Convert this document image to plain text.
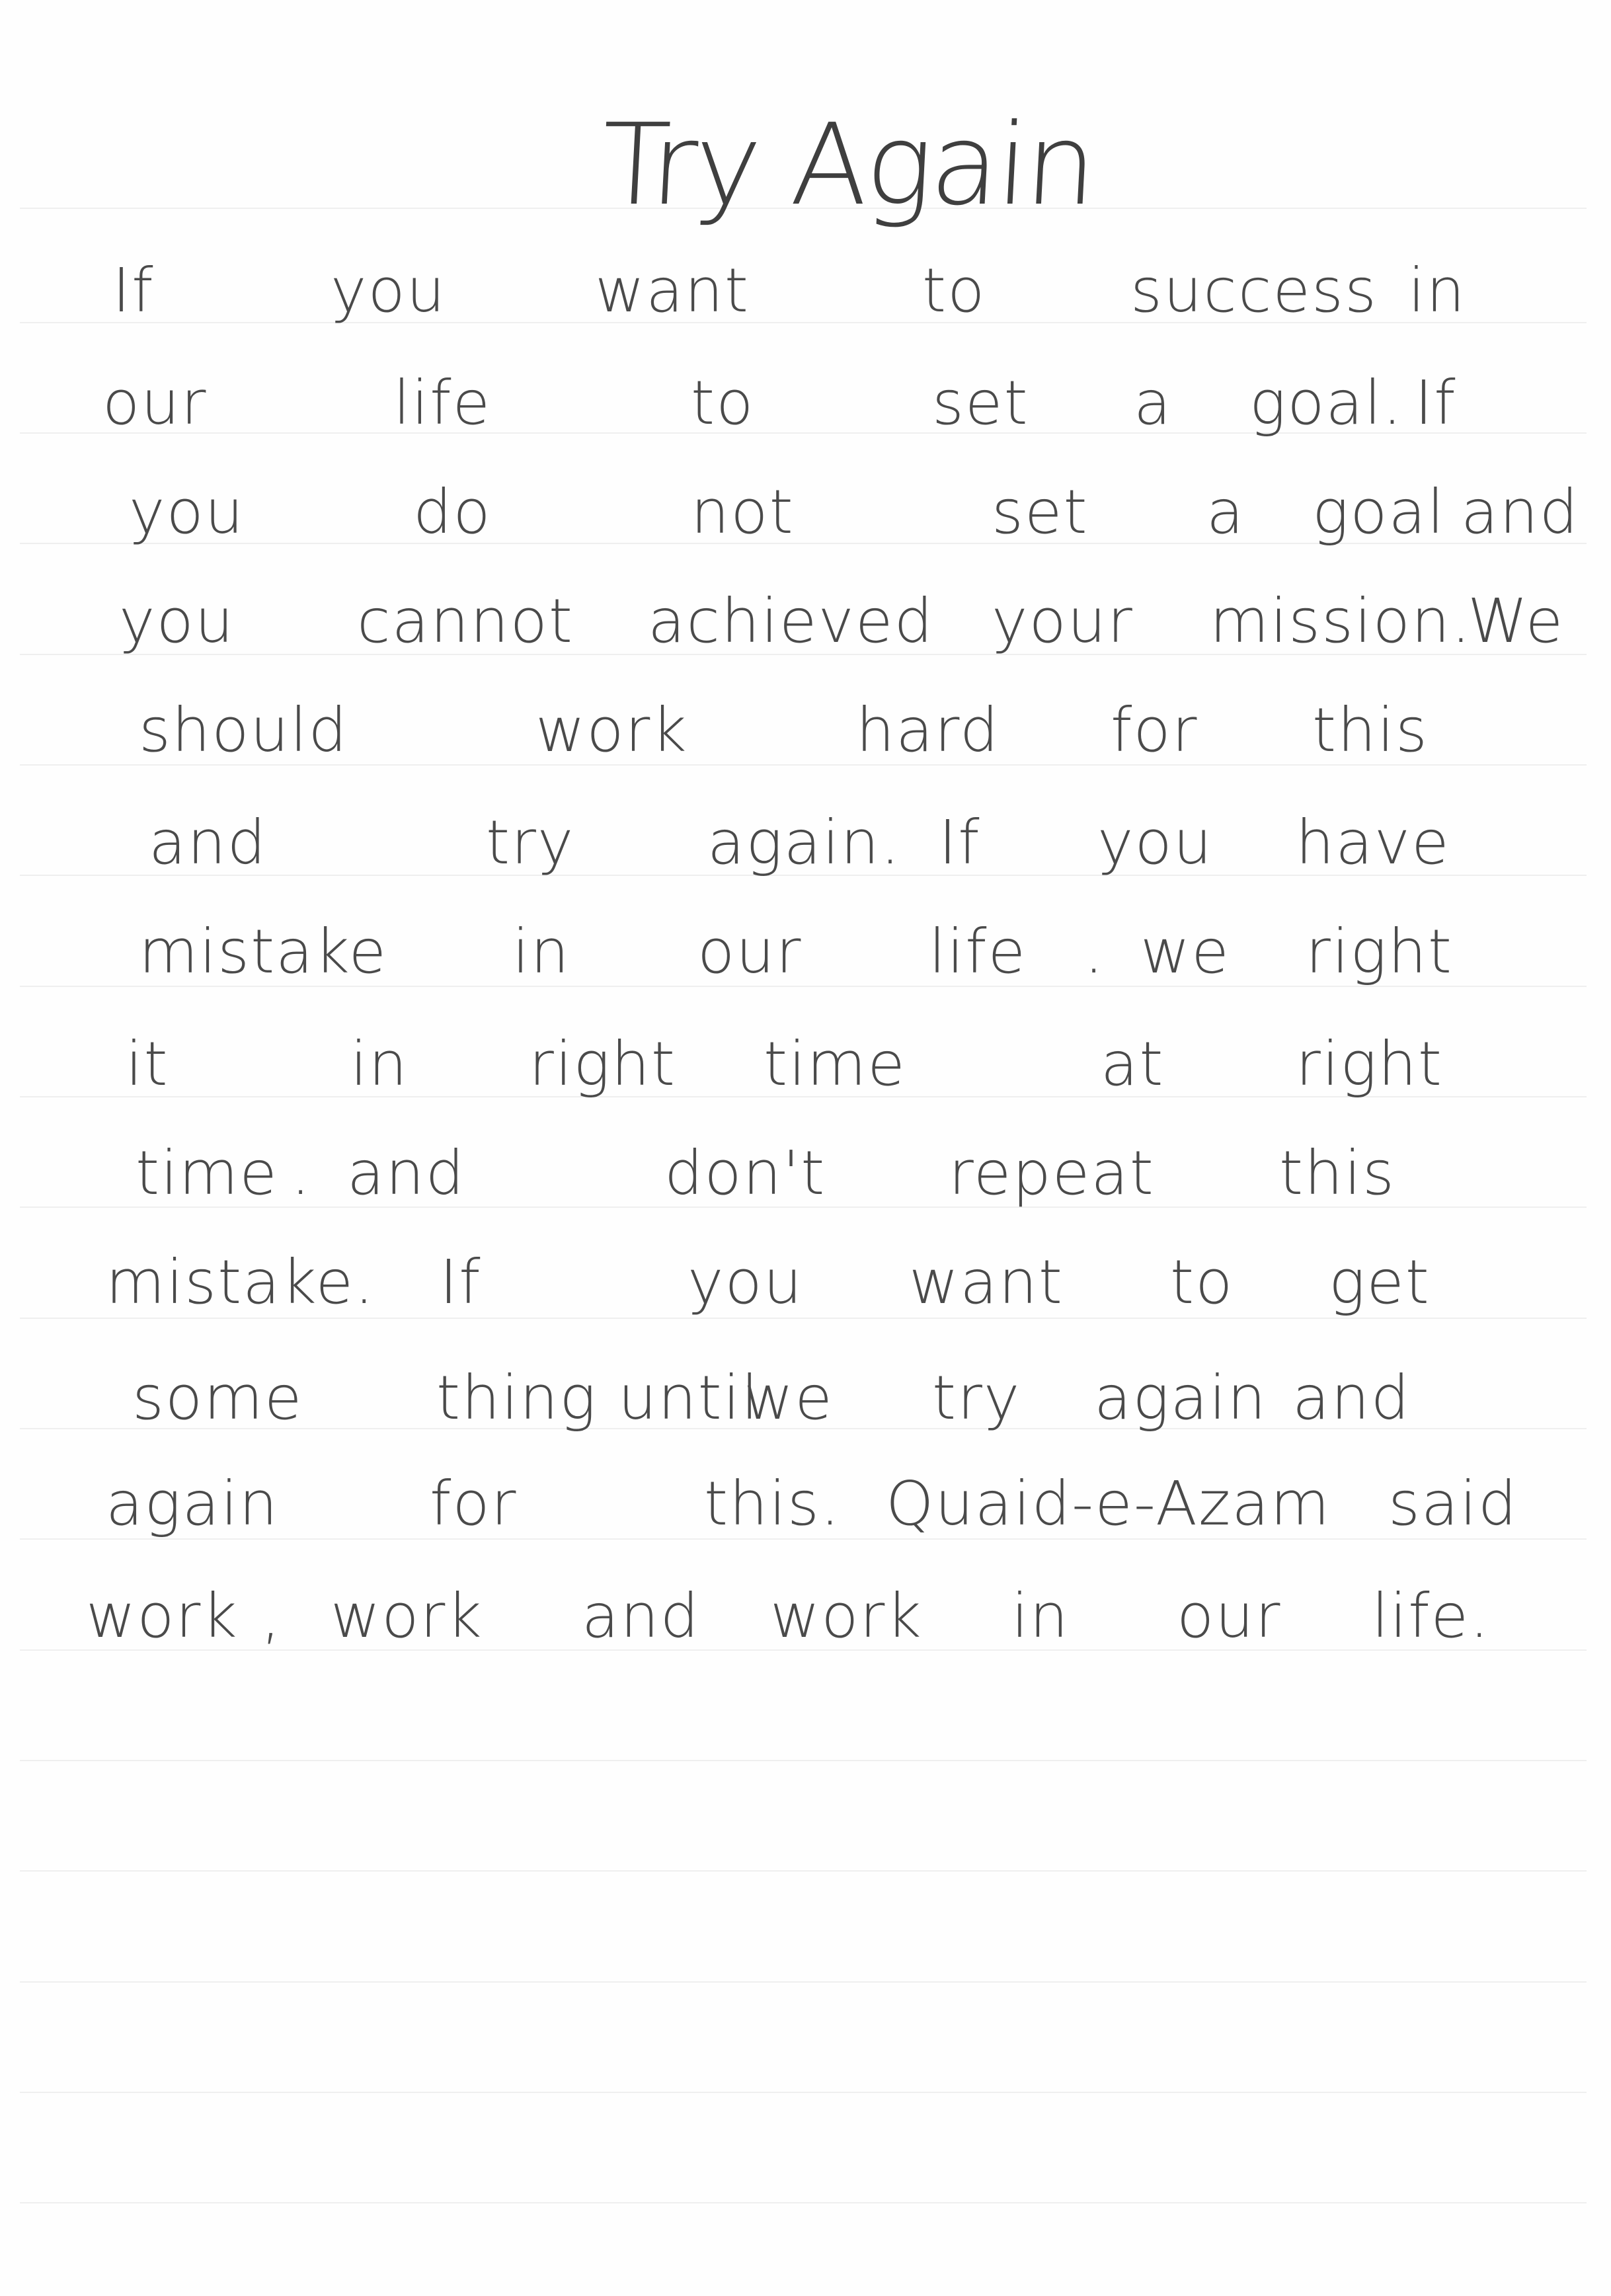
Try Again
If	you want	to success in
our	life	to	set a goal. If
you	do	not	set a goal and
you cannot achieved your mission.
We
should	work	hard for this
and	try again. If you have
mistake in our life . we right
it	in right time	at right
time . and	don't repeat this
mistake. If	you want to get
some thing until
we try again and
again for	this. Quaid-e-Azam said
work , work and work in our life.
